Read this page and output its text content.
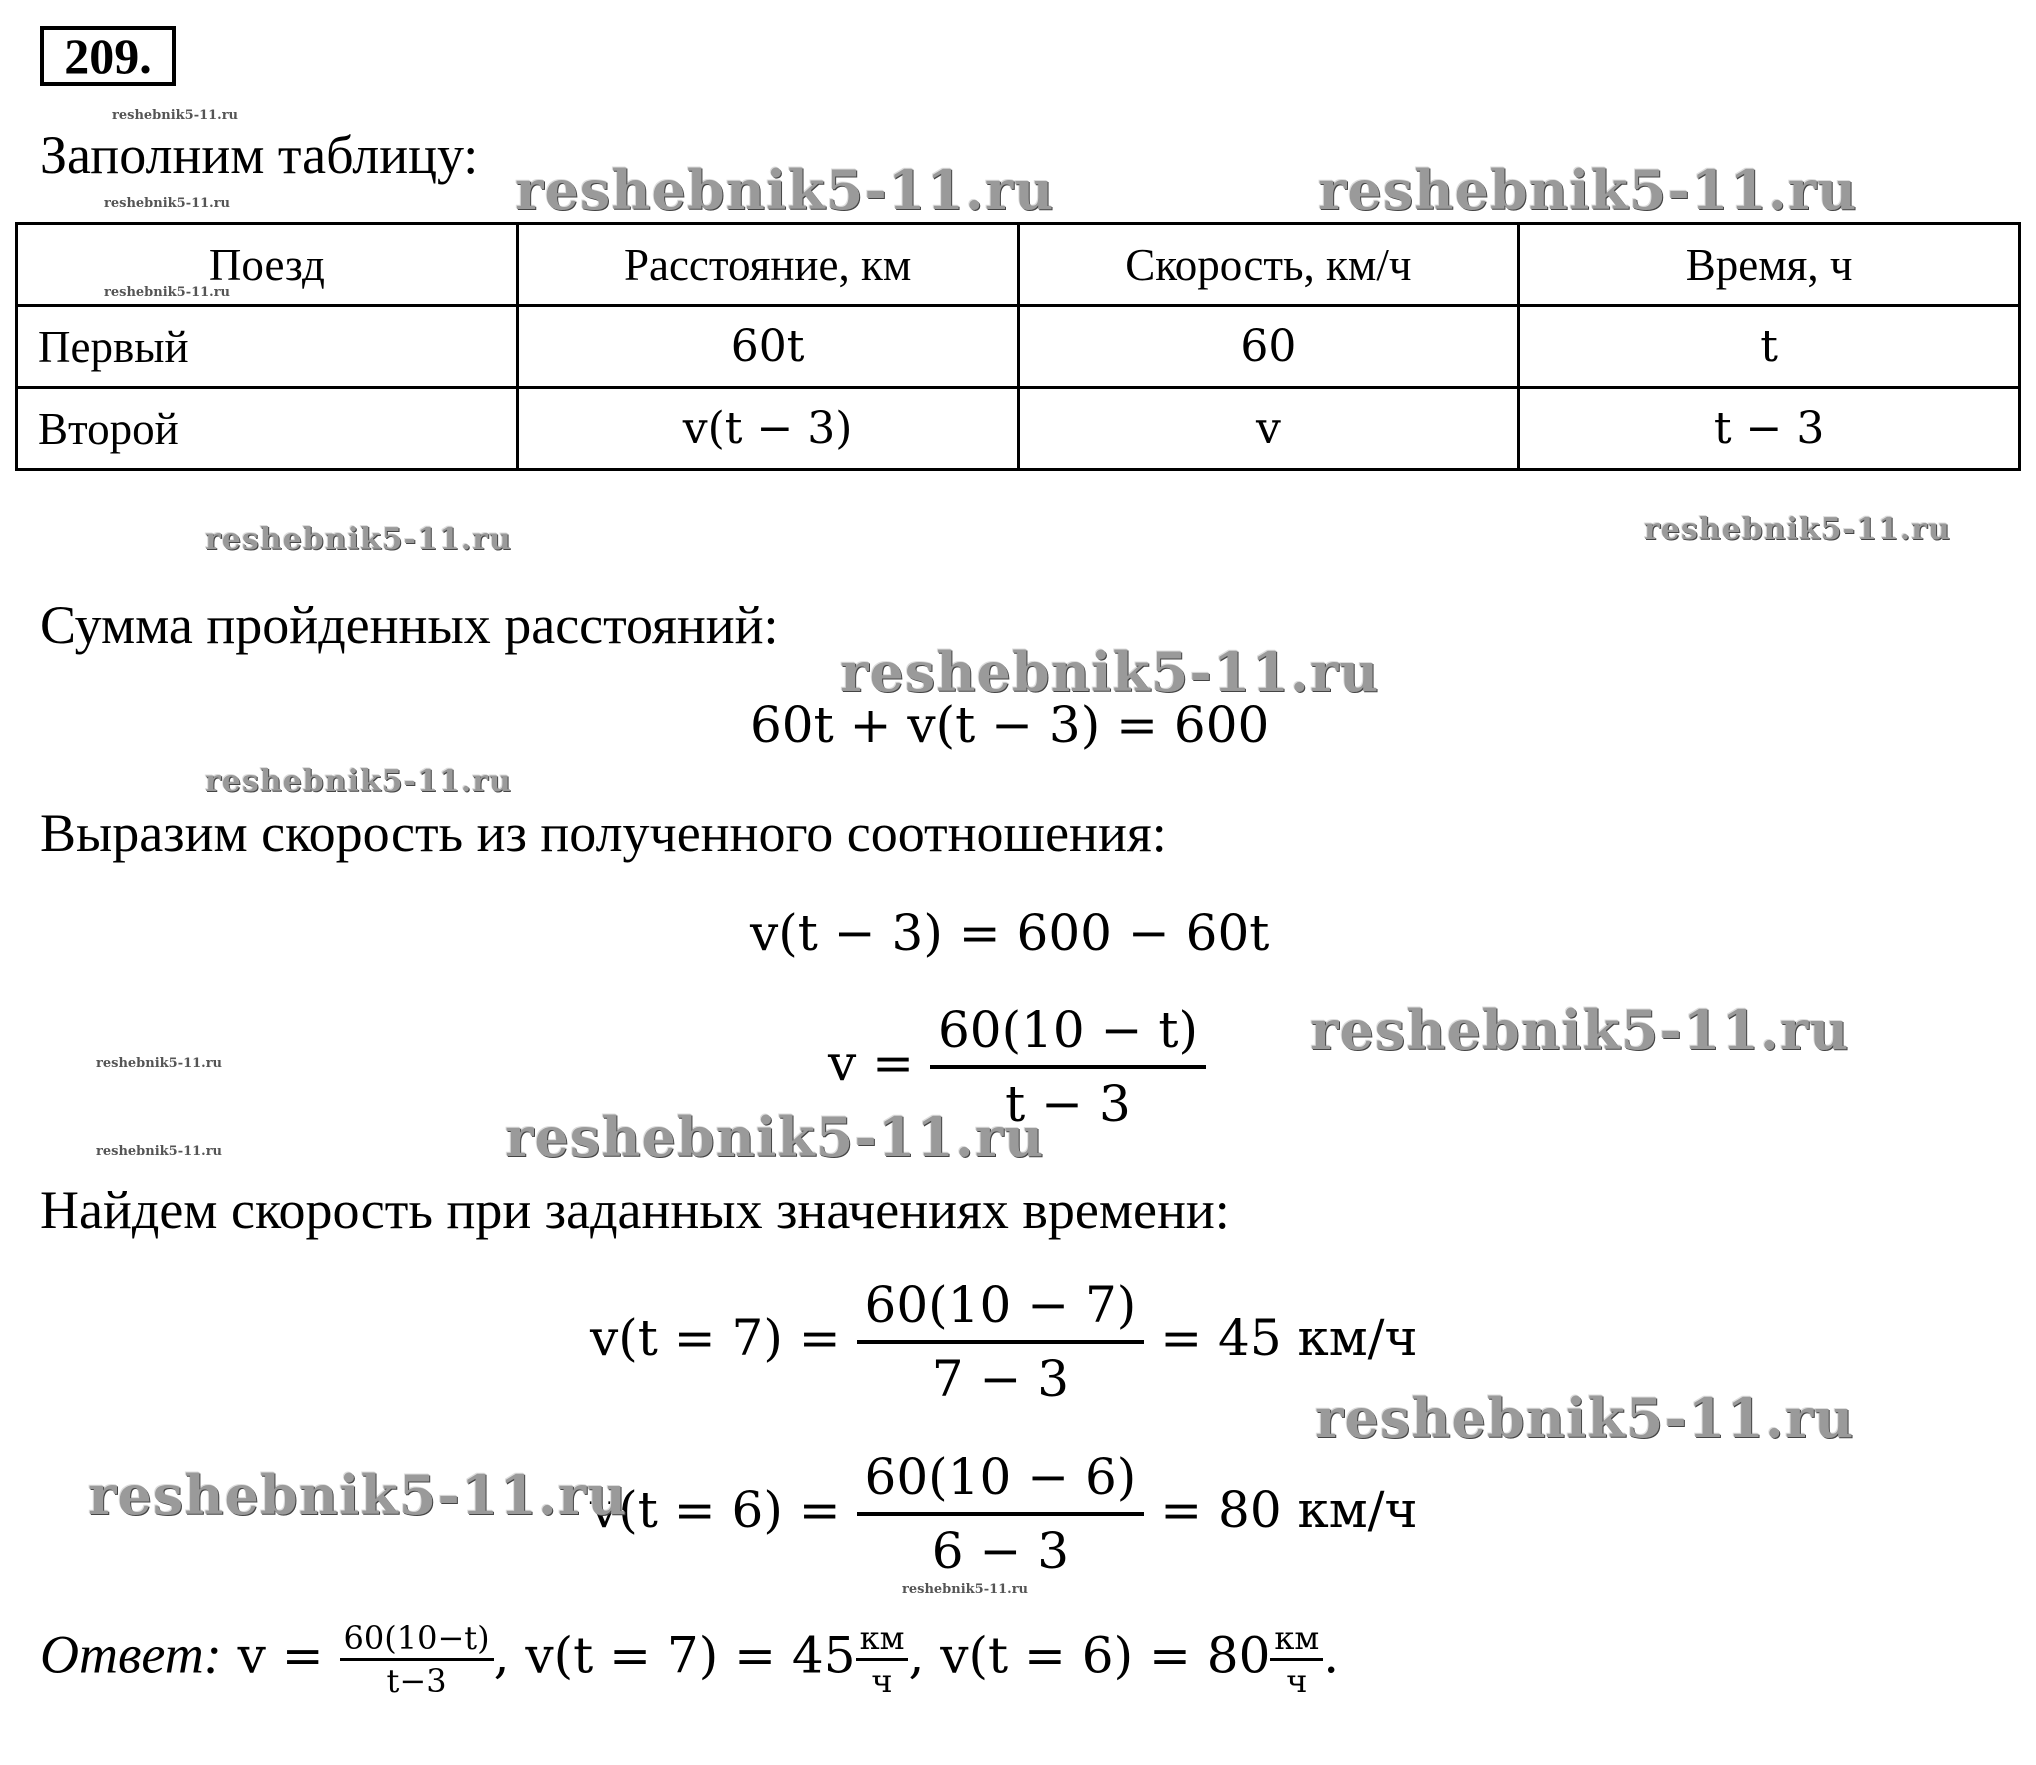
209.
Заполним таблицу:
Поезд	Расстояние, км	Скорость, км/ч	Время, ч
Первый	60t	60	t
Второй	v(t − 3)	v	t − 3
Сумма пройденных расстояний:
60t + v(t − 3) = 600
Выразим скорость из полученного соотношения:
v(t − 3) = 600 − 60t
$v = \frac{60(10 - t)}{t - 3}$
Найдем скорость при заданных значениях времени:
$v(t = 7) = \frac{60(10 - 7)}{7 - 3} = 45$ км/ч
$v(t = 6) = \frac{60(10 - 6)}{6 - 3} = 80$ км/ч
Ответ: $v = \frac{60(10-t)}{t-3}$ , v(t = 7) = 45 км
ч , v(t = 6) = 80 км
ч .
reshebnik5-11.ru	reshebnik5-11.ru
reshebnik5-11.ru	reshebnik5-11.ru
reshebnik5-11.ru
reshebnik5-11.ru
reshebnik5-11.ru
reshebnik5-11.ru
reshebnik5-11.ru
reshebnik5-11.ru
reshebnik5-11.ru
reshebnik5-11.ru
reshebnik5-11.ru
reshebnik5-11.ru
reshebnik5-11.ru
reshebnik5-11.ru
